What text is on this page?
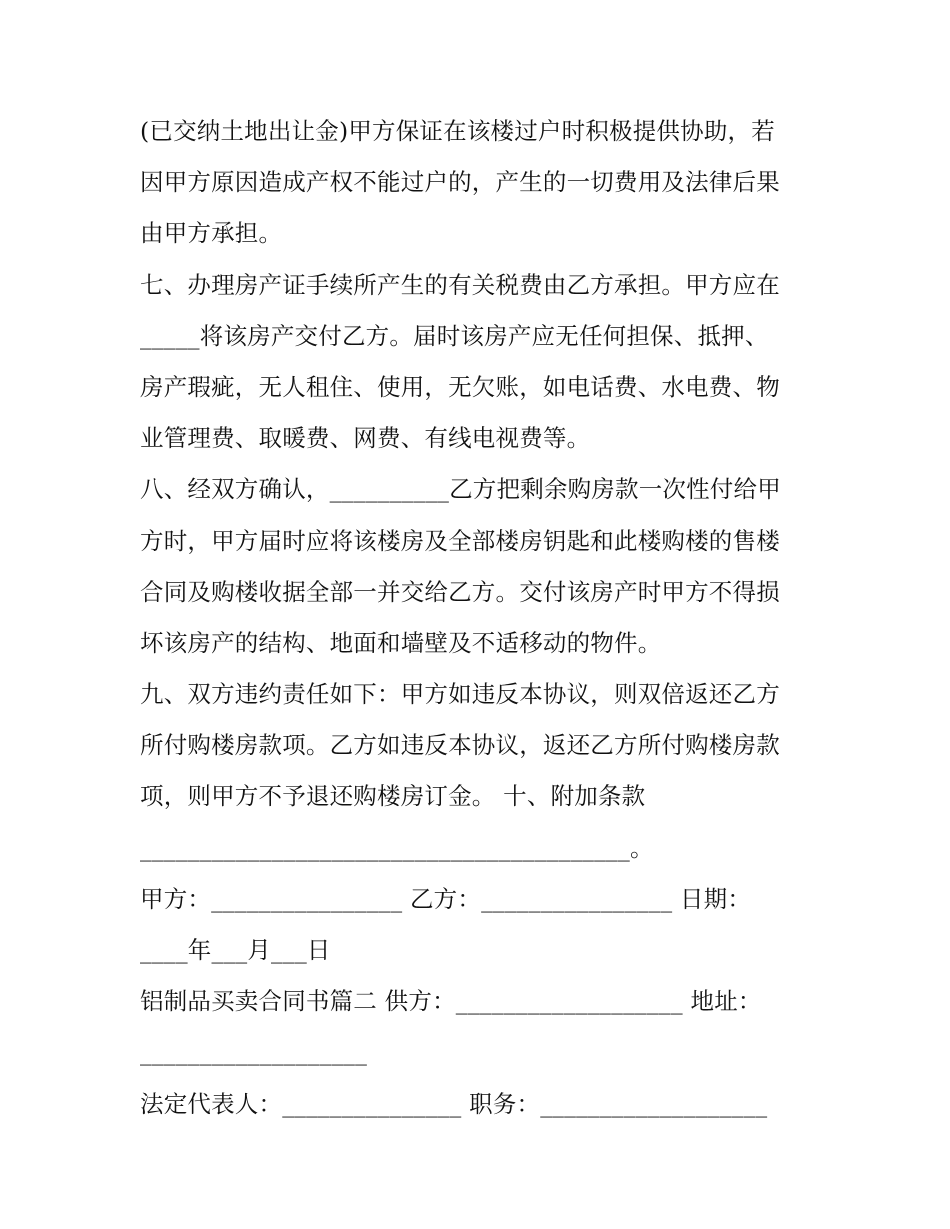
(已交纳土地出让金)甲方保证在该楼过户时积极提供协助，若
因甲方原因造成产权不能过户的，产生的一切费用及法律后果
由甲方承担。
七、办理房产证手续所产生的有关税费由乙方承担。甲方应在
_____将该房产交付乙方。届时该房产应无任何担保、抵押、
房产瑕疵，无人租住、使用，无欠账，如电话费、水电费、物
业管理费、取暖费、网费、有线电视费等。
八、经双方确认，__________乙方把剩余购房款一次性付给甲
方时，甲方届时应将该楼房及全部楼房钥匙和此楼购楼的售楼
合同及购楼收据全部一并交给乙方。交付该房产时甲方不得损
坏该房产的结构、地面和墙壁及不适移动的物件。
九、双方违约责任如下：甲方如违反本协议，则双倍返还乙方
所付购楼房款项。乙方如违反本协议，返还乙方所付购楼房款
项，则甲方不予退还购楼房订金。 十、附加条款
_________________________________________。
甲方：________________ 乙方：________________ 日期：
____年___月___日
铝制品买卖合同书篇二 供方：___________________ 地址：
___________________
法定代表人：_______________ 职务：___________________
